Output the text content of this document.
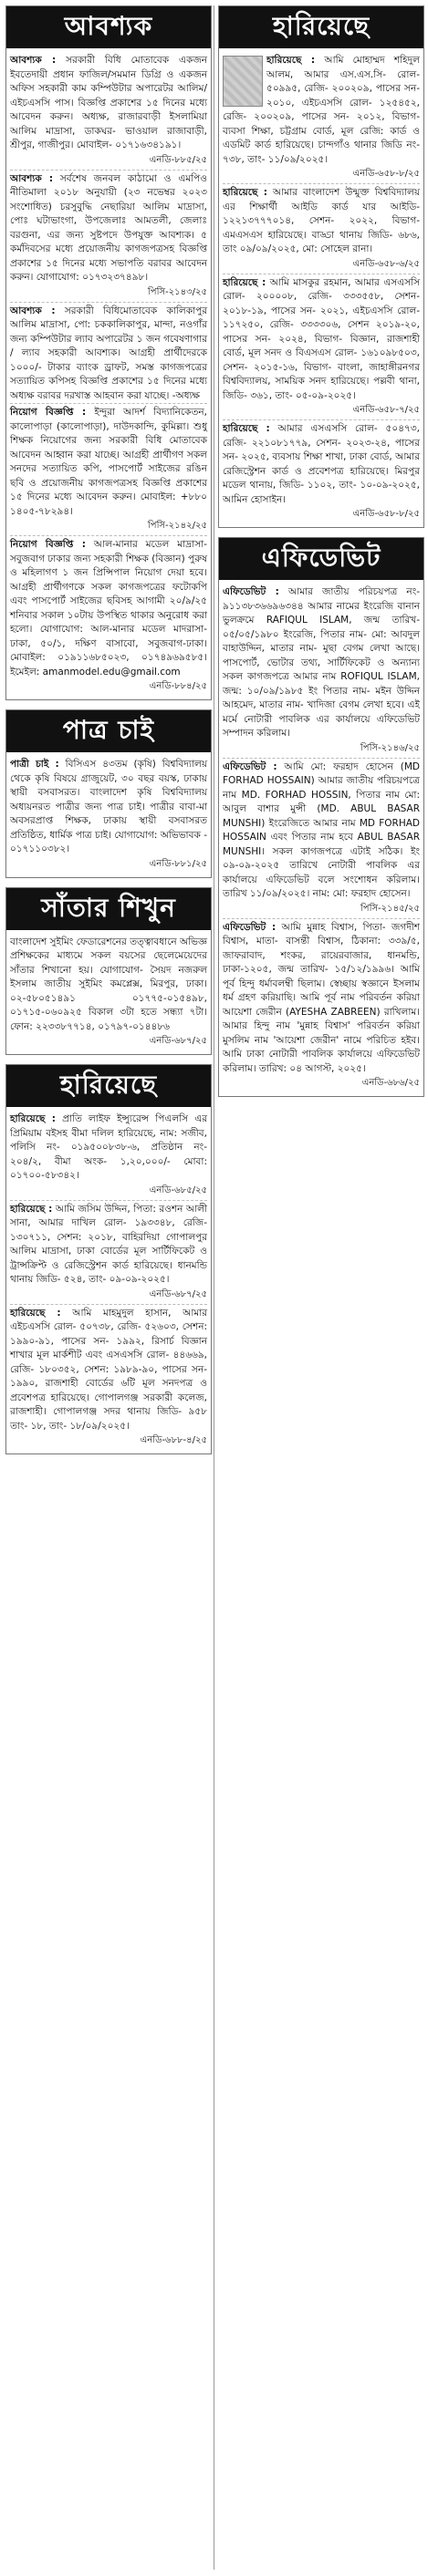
আবশ্যক

আবশ্যক : সরকারী বিধি মোতাবেক একজন ইবতেদায়ী প্রধান ফাজিল/সমমান ডিগ্রি ও একজন অফিস সহকারী কাম কম্পিউটার অপারেটর আলিম/এইচএসসি পাস। বিজ্ঞপ্তি প্রকাশের ১৫ দিনের মধ্যে আবেদন করুন। অধ্যক্ষ, রাজারবাড়ী ইসলামিয়া আলিম মাদ্রাসা, ডাকঘর- ভাওয়াল রাজাবাড়ী, শ্রীপুর, গাজীপুর। মোবাইল- ০১৭১৬৩৪১৯১।

এনডি-৮৮৫/২৫

আবশ্যক : সর্বশেষ জনবল কাঠামো ও এমপিও নীতিমালা ২০১৮ অনুযায়ী (২৩ নভেম্বর ২০২৩ সংশোধিত) চরসুবুদ্ধি নেছারিয়া আলিম মাদ্রাসা, পোঃ ঘটাভাংগা, উপজেলাঃ আমতলী, জেলাঃ বরগুনা, এর জন্য সুষ্টপদে উপযুক্ত আবশ্যক। ৫ কর্মদিবসের মধ্যে প্রয়োজনীয় কাগজপত্রসহ বিজ্ঞপ্তি প্রকাশের ১৫ দিনের মধ্যে সভাপতি বরাবর আবেদন করুন। যোগাযোগ: ০১৭৩২৩৭৪৯৮।

পিসি-২১৪৩/২৫

আবশ্যক : সরকারী বিধিমোতাবেক কালিকাপুর আলিম মাদ্রাসা, পো: চককালিকাপুর, মান্দা, নওগাঁর জন্য কম্পিউটার ল্যাব অপারেটর ১ জন গবেষণাগার / ল্যাব সহকারী আবশ্যক। আগ্রহী প্রার্থীদেরকে ১০০০/- টাকার ব্যাংক ড্রাফট, সমস্ত কাগজপত্রের সত্যায়িত কপিসহ বিজ্ঞপ্তি প্রকাশের ১৫ দিনের মধ্যে অধ্যক্ষ বরাবর দরখাস্ত আহবান করা যাচ্ছে। -অধ্যক্ষ

নিয়োগ বিজ্ঞপ্তি : ইন্দুরা আদর্শ বিদ্যানিকেতন, কালোপাড়া (কালোপাড়া), দাউদকান্দি, কুমিল্লা। শুধু শিক্ষক নিয়োগের জন্য সরকারী বিধি মোতাবেক আবেদন আহ্বান করা যাচ্ছে। আগ্রহী প্রার্থীগণ সকল সনদের সত্যায়িত কপি, পাসপোর্ট সাইজের রঙিন ছবি ও প্রয়োজনীয় কাগজপত্রসহ বিজ্ঞপ্তি প্রকাশের ১৫ দিনের মধ্যে আবেদন করুন। মোবাইল: +৮৮০ ১৪০৫-৭৮২৯৪।

পিসি-২১৪২/২৫

নিয়োগ বিজ্ঞপ্তি : আল-মানার মডেল মাদ্রাসা-সবুজবাগ ঢাকার জন্য সহকারী শিক্ষক (বিজ্ঞান) পুরুষ ও মহিলাগণ ১ জন প্রিন্সিপাল নিয়োগ দেয়া হবে। আগ্রহী প্রার্থীগণকে সকল কাগজপত্রের ফটোকপি এবং পাসপোর্ট সাইজের ছবিসহ আগামী ২০/৯/২৫ শনিবার সকাল ১০টায় উপস্থিত থাকার অনুরোধ করা হলো। যোগাযোগ: আল-মানার মডেল মাদরাসা-ঢাকা, ৫০/১, দক্ষিণ বাসাবো, সবুজবাগ-ঢাকা। মোবাইল: ০১৯১১৬৮৫০২৩, ০১৭৪৯৬৯৫৮৫। ইমেইল: amanmodel.edu@gmail.com

এনডি-৮৮৪/২৫
পাত্র চাই

পাত্রী চাই : বিসিএস ৪৩তম (কৃষি) বিশ্ববিদ্যালয় থেকে কৃষি বিষয়ে গ্রাজুয়েট, ৩০ বছর বয়স্ক, ঢাকায় স্থায়ী বসবাসরত। বাংলাদেশ কৃষি বিশ্ববিদ্যালয় অধ্যয়নরত পাত্রীর জন্য পাত্র চাই। পাত্রীর বাবা-মা অবসরপ্রাপ্ত শিক্ষক, ঢাকায় স্থায়ী বসবাসরত প্রতিষ্ঠিত, ধার্মিক পাত্র চাই। যোগাযোগ: অভিভাবক - ০১৭১১০৩৮২।

এনডি-৮৮১/২৫
সাঁতার শিখুন

বাংলাদেশ সুইমিং ফেডারেশনের তত্ত্বাবধানে অভিজ্ঞ প্রশিক্ষকের মাধ্যমে সকল বয়সের ছেলেমেয়েদের সাঁতার শিখানো হয়। যোগাযোগ- সৈয়দ নজরুল ইসলাম জাতীয় সুইমিং কমপ্লেক্স, মিরপুর, ঢাকা। ০২-৫৮০৫১৪৯১ ০১৭৭৫-০১৫৪৯৮, ০১৭১৫-০৬০৯২৫ বিকাল ৩টা হতে সন্ধ্যা ৭টা। ফোন: ২২৩৩৮৭৭১৪, ০১৭৯৭-০১৪৪৮৬

এনডি-৬৮৭/২৫
হারিয়েছে

হারিয়েছে : প্রাতি লাইফ ইন্স্যুরেন্স পিএলসি এর প্রিমিয়াম বইসহ বীমা দলিল হারিয়েছে, নাম: সজীব, পলিসি নং- ০১৯৫০০৮৩৮-৬, প্রতিষ্ঠান নং- ২০৪/২, বীমা অংক- ১,২০,০০০/- মোবা: ০১৭০০-৫৮৩৪২।

এনডি-৬৮৫/২৫

হারিয়েছে : আমি জসিম উদ্দিন, পিতা: রওশন আলী সানা, আমার দাখিল রোল- ১৯৩৩৪৮, রেজি- ১৩০৭১১, সেশন: ২০১৮, বাহিরদিয়া গোপালপুর আলিম মাদ্রাসা, ঢাকা বোর্ডের মূল সার্টিফিকেট ও ট্রান্সক্রিপ্ট ও রেজিস্ট্রেশন কার্ড হারিয়েছে। ধানমন্ডি থানায় জিডি- ৫২৪, তাং- ০৯-০৯-২০২৫।

এনডি-৬৮৭/২৫

হারিয়েছে : আমি মাহমুদুল হাসান, আমার এইচএসসি রোল- ৫০৭৩৮, রেজি- ৫২৬০৩, সেশন: ১৯৯০-৯১, পাসের সন- ১৯৯২, রিসার্চ বিজ্ঞান শাখার মূল মার্কশীট এবং এসএসসি রোল- ৪৪৬৬৯, রেজি- ১৮০৩৫২, সেশন: ১৯৮৯-৯০, পাসের সন- ১৯৯০, রাজশাহী বোর্ডের ৬টি মূল সনদপত্র ও প্রবেশপত্র হারিয়েছে। গোপালগঞ্জ সরকারী কলেজ, রাজশাহী। গোপালগঞ্জ সদর থানায় জিডি- ৯৫৮ তাং- ১৮, তাং- ১৮/০৯/২০২৫।

এনডি-৬৮৮-৪/২৫
হারিয়েছে

হারিয়েছে : আমি মোহাম্মদ শহিদুল আলম, আমার এস.এস.সি- রোল- ৫০৯৯৫, রেজি- ২০০২০৯, পাসের সন- ২০১০, এইচএসসি রোল- ১২৫৪৫২, রেজি- ২০০২০৯, পাসের সন- ২০১২, বিভাগ- ব্যবসা শিক্ষা, চট্টগ্রাম বোর্ড, মূল রেজি: কার্ড ও এডমিট কার্ড হারিয়েছে। চান্দগাঁও থানার জিডি নং- ৭৩৮, তাং- ১১/০৯/২০২৫।

এনডি-৬৫৮-৮/২৫

হারিয়েছে : আমার বাংলাদেশ উন্মুক্ত বিশ্ববিদ্যালয় এর শিক্ষার্থী আইডি কার্ড যার আইডি- ১২২১৩৭৭৭০১৪, সেশন- ২০২২, বিভাগ- এমএসএস হারিয়েছে। বাড্ডা থানায় জিডি- ৬৮৬, তাং ০৯/০৯/২০২৫, মো: সোহেল রানা।

এনডি-৬৫৮-৬/২৫

হারিয়েছে : আমি মাসকুর রহমান, আমার এসএসসি রোল- ২০০০০৮, রেজি- ৩৩৩৫৫৮, সেশন- ২০১৮-১৯, পাসের সন- ২০২১, এইচএসসি রোল- ১১৭২৫০, রেজি- ৩৩৩৩০৬, সেশন ২০১৯-২০, পাসের সন- ২০২৪, বিভাগ- বিজ্ঞান, রাজশাহী বোর্ড, মূল সনদ ও বিএসএস রোল- ১৬১০৯৮৫০৩, সেশন- ২০১৫-১৬, বিভাগ- বাংলা, জাহাঙ্গীরনগর বিশ্ববিদ্যালয়, সাময়িক সনদ হারিয়েছে। পল্লবী থানা, জিডি- ৩৬১, তাং- ০৫-০৯-২০২৫।

এনডি-৬৫৮-৭/২৫

হারিয়েছে : আমার এসএসসি রোল- ৫০৪৭৩, রেজি- ২২১০৮১৭৭৯, সেশন- ২০২৩-২৪, পাসের সন- ২০২৫, ব্যবসায় শিক্ষা শাখা, ঢাকা বোর্ড, আমার রেজিস্ট্রেশন কার্ড ও প্রবেশপত্র হারিয়েছে। মিরপুর মডেল থানায়, জিডি- ১১০২, তাং- ১০-০৯-২০২৫, আমিন হোসাইন।

এনডি-৬৫৮-৮/২৫
এফিডেভিট

এফিডেভিট : আমার জাতীয় পরিচয়পত্র নং- ৯১১৩৮৩৬৬৯৬৩৪৪ আমার নামের ইংরেজি বানান ভুলক্রমে RAFIQUL ISLAM, জন্ম তারিখ- ০৫/০৫/১৯৮০ ইংরেজি, পিতার নাম- মো: আবদুল বাহাউদ্দিন, মাতার নাম- মুছা বেগম লেখা আছে। পাসপোর্ট, ভোটার তথ্য, সার্টিফিকেট ও অন্যান্য সকল কাগজপত্রে আমার নাম ROFIQUL ISLAM, জন্ম: ১০/০৯/১৯৮৫ ইং পিতার নাম- মইন উদ্দিন আহমেদ, মাতার নাম- খাদিজা বেগম লেখা হবে। এই মর্মে নোটারী পাবলিক এর কার্যালয়ে এফিডেভিট সম্পাদন করিলাম।

পিসি-২১৪৬/২৫

এফিডেভিট : আমি মো: ফরহাদ হোসেন (MD FORHAD HOSSAIN) আমার জাতীয় পরিচয়পত্রে নাম MD. FORHAD HOSSIN, পিতার নাম মো: আবুল বাশার মুন্সী (MD. ABUL BASAR MUNSHI) ইংরেজিতে আমার নাম MD FORHAD HOSSAIN এবং পিতার নাম হবে ABUL BASAR MUNSHI। সকল কাগজপত্রে এটাই সঠিক। ইং ০৯-০৯-২০২৫ তারিখে নোটারী পাবলিক এর কার্যালয়ে এফিডেভিট বলে সংশোধন করিলাম। তারিখ ১১/০৯/২০২৫। নাম: মো: ফরহাদ হোসেন।

পিসি-২১৪৫/২৫

এফিডেভিট : আমি মুন্নাহ বিশ্বাস, পিতা- জগদীশ বিশ্বাস, মাতা- বাসন্তী বিশ্বাস, ঠিকানা: ৩৩৯/৫, জাফরাবাদ, শংকর, রায়েরবাজার, ধানমন্ডি, ঢাকা-১২০৫, জন্ম তারিখ- ১৫/১২/১৯৯৬। আমি পূর্ব হিন্দু ধর্মাবলম্বী ছিলাম। স্বেচ্ছায় স্বজ্ঞানে ইসলাম ধর্ম গ্রহণ করিয়াছি। আমি পূর্ব নাম পরিবর্তন করিয়া আয়েশা জেরীন (AYESHA ZABREEN) রাখিলাম। আমার হিন্দু নাম 'মুন্নাহ বিশ্বাস' পরিবর্তন করিয়া মুসলিম নাম 'আয়েশা জেরীন' নামে পরিচিত হইব। আমি ঢাকা নোটারী পাবলিক কার্যালয়ে এফিডেভিট করিলাম। তারিখ: ০৪ আগস্ট, ২০২৫।

এনডি-৬৮৬/২৫
